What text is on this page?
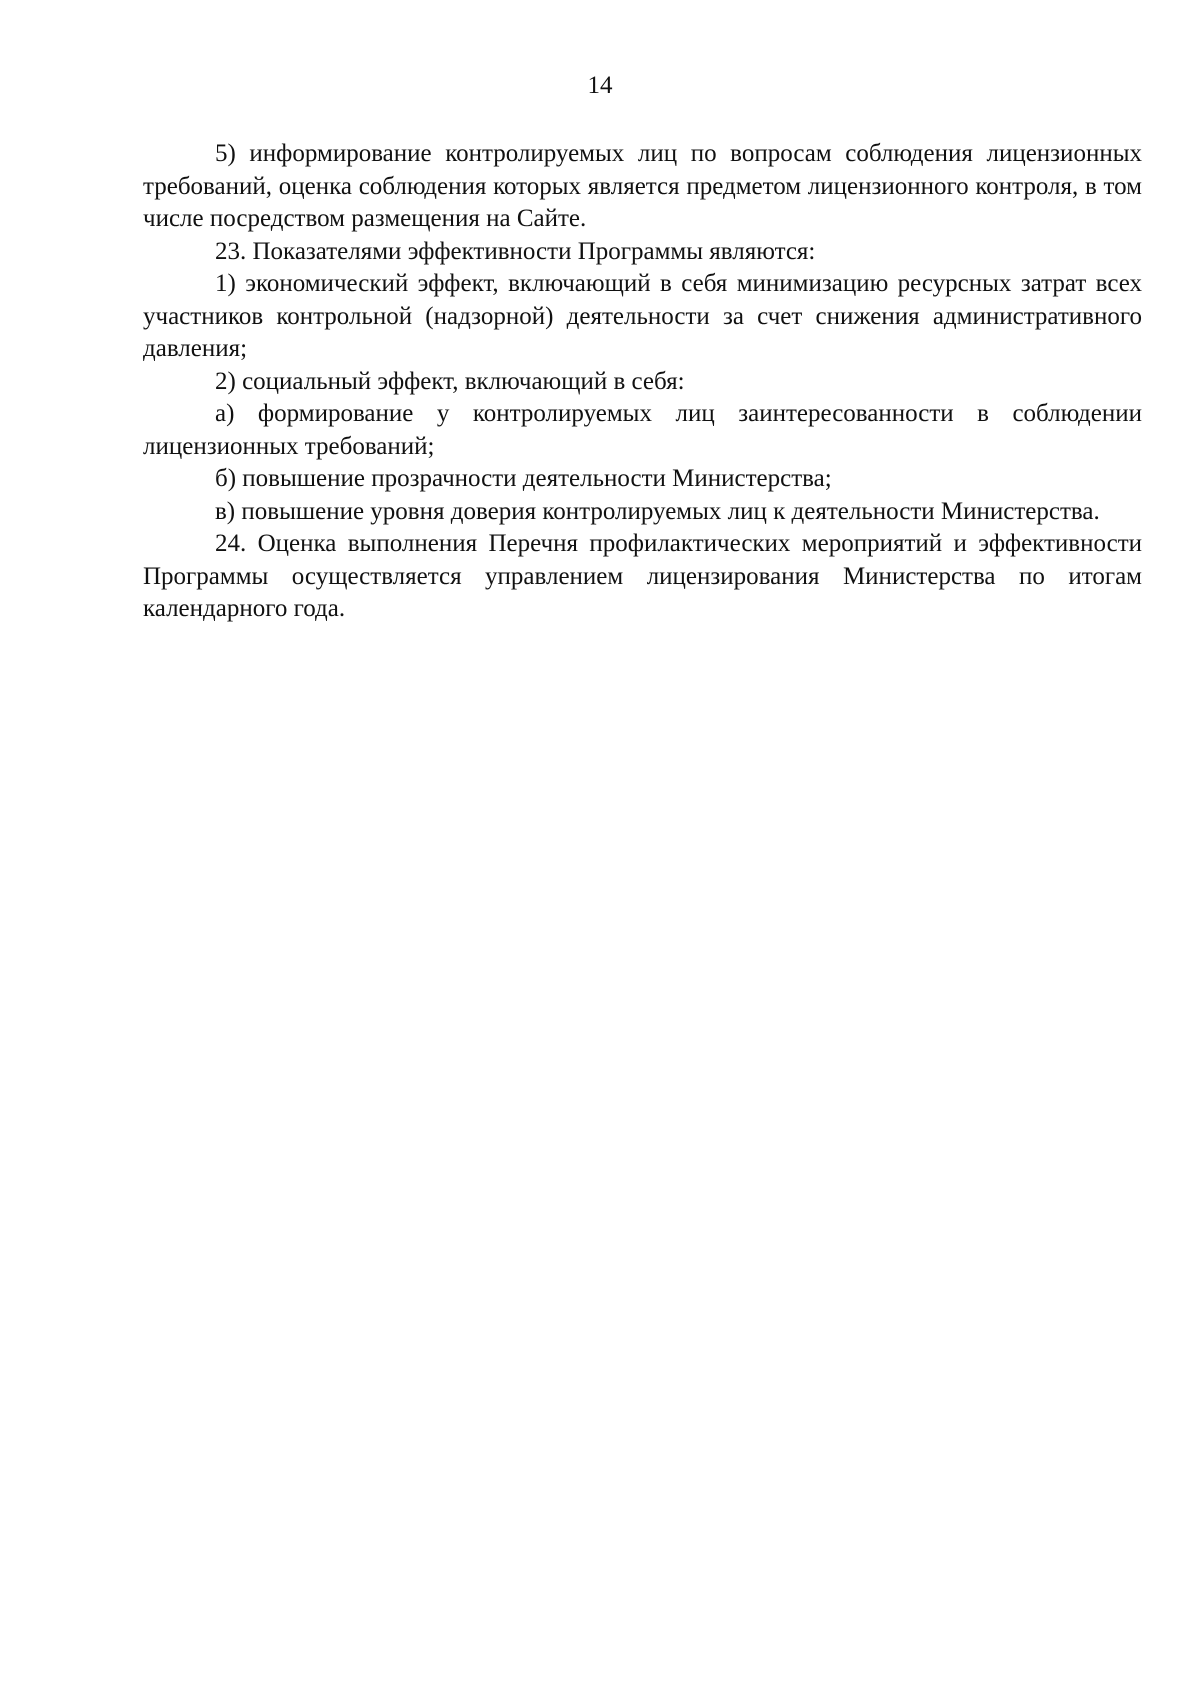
14

5) информирование контролируемых лиц по вопросам соблюдения лицензионных требований, оценка соблюдения которых является предметом лицензионного контроля, в том числе посредством размещения на Сайте.

23. Показателями эффективности Программы являются:

1) экономический эффект, включающий в себя минимизацию ресурсных затрат всех участников контрольной (надзорной) деятельности за счет снижения административного давления;

2) социальный эффект, включающий в себя:

а) формирование у контролируемых лиц заинтересованности в соблюдении лицензионных требований;

б) повышение прозрачности деятельности Министерства;

в) повышение уровня доверия контролируемых лиц к деятельности Министерства.

24. Оценка выполнения Перечня профилактических мероприятий и эффективности Программы осуществляется управлением лицензирования Министерства по итогам календарного года.
